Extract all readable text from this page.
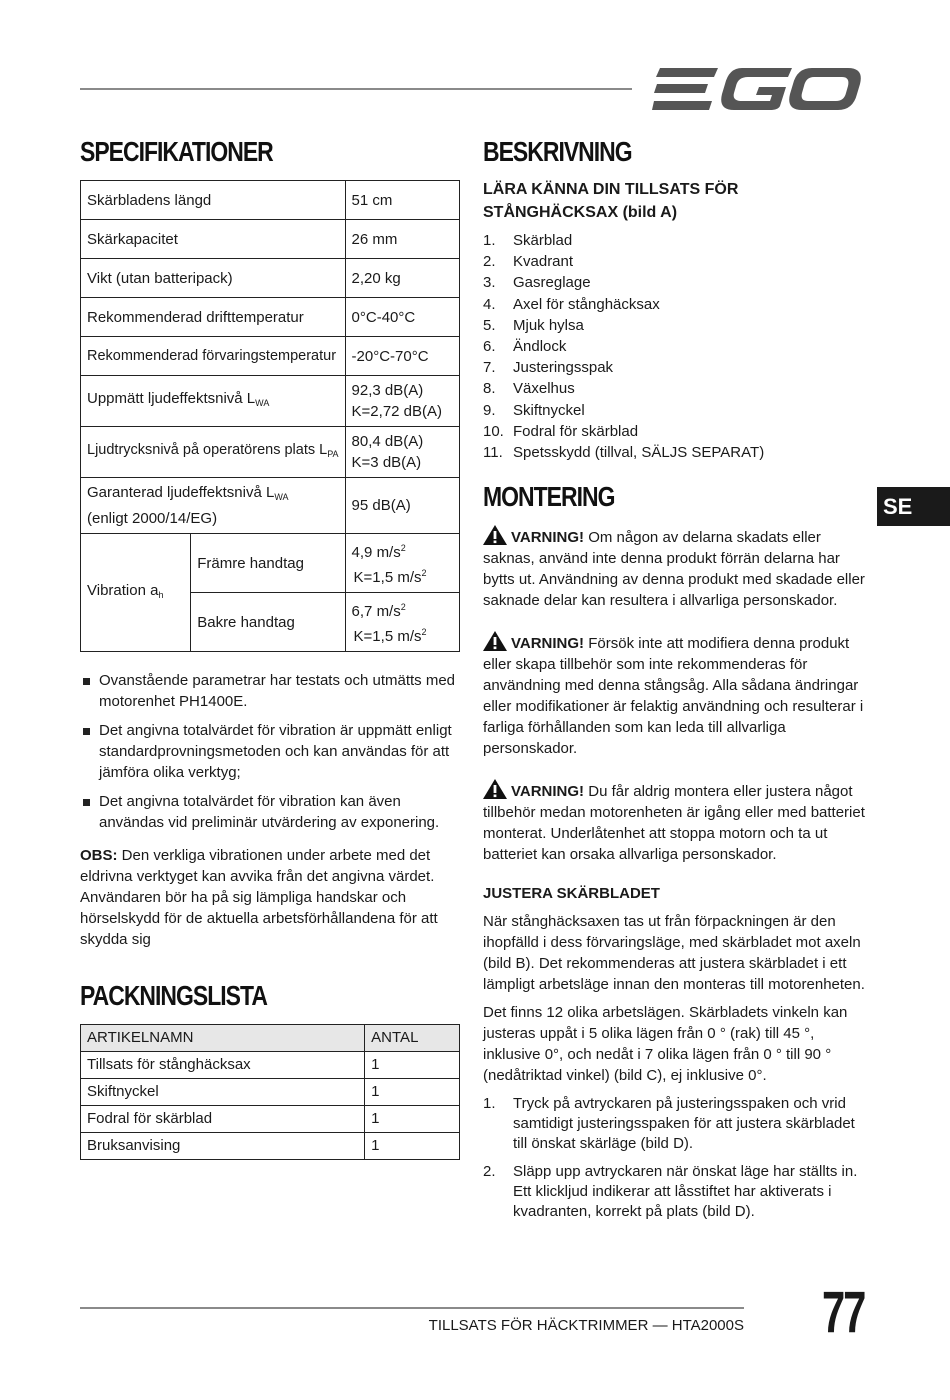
SE
SPECIFIKATIONER
Skärbladens längd		51 cm
Skärkapacitet		26 mm
Vikt (utan batteripack)		2,20 kg
Rekommenderad drifttemperatur		0°C-40°C
Rekommenderad förvaringstemperatur		-20°C-70°C
Uppmätt ljudeffektsnivå $L_{WA}$		92,3 dB(A)
K=2,72 dB(A)

Ljudtrycksnivå på operatörens plats $L_{PA}$		80,4 dB(A)
K=3 dB(A)

Garanterad ljudeffektsnivå $L_{WA}$
(enligt 2000/14/EG)		95 dB(A)
Vibration $a_h$	Främre handtag	4,9 $m/s^2$
K=1,5 $m/s^2$

	Bakre handtag	6,7 $m/s^2$
K=1,5 $m/s^2$
Ovanstående parametrar har testats och utmätts med motorenhet PH1400E.
Det angivna totalvärdet för vibration är uppmätt enligt standardprovningsmetoden och kan användas för att jämföra olika verktyg;
Det angivna totalvärdet för vibration kan även användas vid preliminär utvärdering av exponering.

OBS: Den verkliga vibrationen under arbete med det eldrivna verktyget kan avvika från det angivna värdet. Användaren bör ha på sig lämpliga handskar och hörselskydd för de aktuella arbetsförhållandena för att skydda sig

PACKNINGSLISTA
ARTIKELNAMN	ANTAL
Tillsats för stånghäcksax	1
Skiftnyckel	1
Fodral för skärblad	1
Bruksanvising	1
BESKRIVNING
LÄRA KÄNNA DIN TILLSATS FÖR STÅNGHÄCKSAX (bild A)
1.	Skärblad
2.	Kvadrant
3.	Gasreglage
4.	Axel för stånghäcksax
5.	Mjuk hylsa
6.	Ändlock
7.	Justeringsspak
8.	Växelhus
9.	Skiftnyckel
10. Fodral för skärblad
11. Spetsskydd (tillval, SÄLJS SEPARAT)
MONTERING

VARNING! Om någon av delarna skadats eller saknas, använd inte denna produkt förrän delarna har bytts ut. Användning av denna produkt med skadade eller saknade delar kan resultera i allvarliga personskador.

VARNING! Försök inte att modifiera denna produkt eller skapa tillbehör som inte rekommenderas för användning med denna stångsåg. Alla sådana ändringar eller modifikationer är felaktig användning och resulterar i farliga förhållanden som kan leda till allvarliga personskador.

VARNING! Du får aldrig montera eller justera något tillbehör medan motorenheten är igång eller med batteriet monterat. Underlåtenhet att stoppa motorn och ta ut batteriet kan orsaka allvarliga personskador.

JUSTERA SKÄRBLADET

När stånghäcksaxen tas ut från förpackningen är den ihopfälld i dess förvaringsläge, med skärbladet mot axeln (bild B). Det rekommenderas att justera skärbladet i ett lämpligt arbetsläge innan den monteras till motorenheten.

Det finns 12 olika arbetslägen. Skärbladets vinkeln kan justeras uppåt i 5 olika lägen från 0 ° (rak) till 45 °, inklusive 0°, och nedåt i 7 olika lägen från 0 ° till 90 ° (nedåtriktad vinkel) (bild C), ej inklusive 0°.

1.	Tryck på avtryckaren på justeringsspaken och vrid samtidigt justeringsspaken för att justera skärbladet till önskat skärläge (bild D).
2.	Släpp upp avtryckaren när önskat läge har ställts in. Ett klickljud indikerar att låsstiftet har aktiverats i kvadranten, korrekt på plats (bild D).
TILLSATS FÖR HÄCKTRIMMER — HTA2000S 77
